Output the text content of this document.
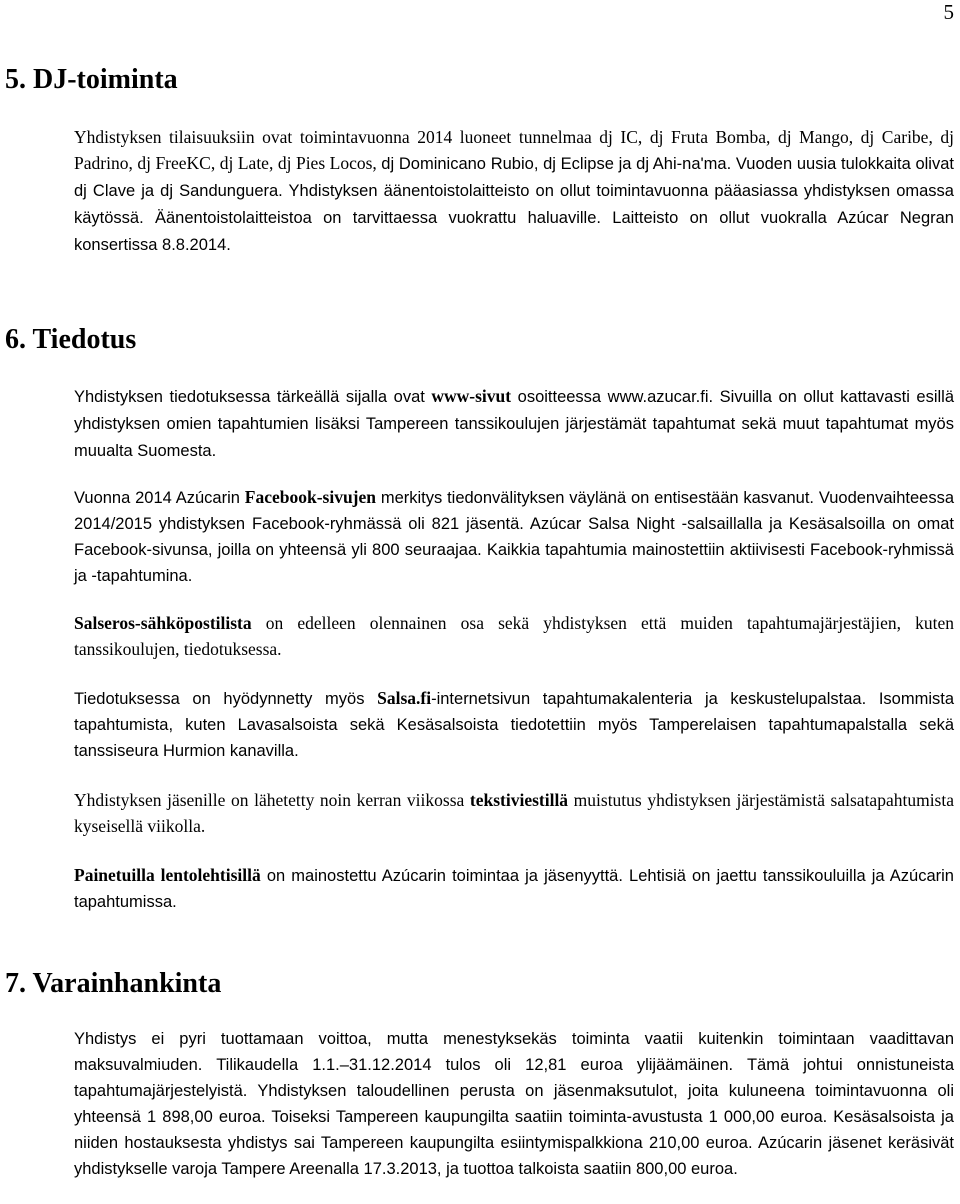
5
5. DJ-toiminta

Yhdistyksen tilaisuuksiin ovat toimintavuonna 2014 luoneet tunnelmaa dj IC, dj Fruta Bomba, dj Mango, dj Caribe, dj Padrino, dj FreeKC, dj Late, dj Pies Locos, dj Dominicano Rubio, dj Eclipse ja dj Ahi-na'ma. Vuoden uusia tulokkaita olivat dj Clave ja dj Sandunguera. Yhdistyksen äänentoistolaitteisto on ollut toimintavuonna pääasiassa yhdistyksen omassa käytössä. Äänentoistolaitteistoa on tarvittaessa vuokrattu haluaville. Laitteisto on ollut vuokralla Azúcar Negran konsertissa 8.8.2014.

6. Tiedotus

Yhdistyksen tiedotuksessa tärkeällä sijalla ovat www-sivut osoitteessa www.azucar.fi. Sivuilla on ollut kattavasti esillä yhdistyksen omien tapahtumien lisäksi Tampereen tanssikoulujen järjestämät tapahtumat sekä muut tapahtumat myös muualta Suomesta.

Vuonna 2014 Azúcarin Facebook-sivujen merkitys tiedonvälityksen väylänä on entisestään kasvanut. Vuodenvaihteessa 2014/2015 yhdistyksen Facebook-ryhmässä oli 821 jäsentä. Azúcar Salsa Night -salsaillalla ja Kesäsalsoilla on omat Facebook-sivunsa, joilla on yhteensä yli 800 seuraajaa. Kaikkia tapahtumia mainostettiin aktiivisesti Facebook-ryhmissä ja -tapahtumina.

Salseros-sähköpostilista on edelleen olennainen osa sekä yhdistyksen että muiden tapahtumajärjestäjien, kuten tanssikoulujen, tiedotuksessa.

Tiedotuksessa on hyödynnetty myös Salsa.fi-internetsivun tapahtumakalenteria ja keskustelupalstaa. Isommista tapahtumista, kuten Lavasalsoista sekä Kesäsalsoista tiedotettiin myös Tamperelaisen tapahtumapalstalla sekä tanssiseura Hurmion kanavilla.

Yhdistyksen jäsenille on lähetetty noin kerran viikossa tekstiviestillä muistutus yhdistyksen järjestämistä salsatapahtumista kyseisellä viikolla.

Painetuilla lentolehtisillä on mainostettu Azúcarin toimintaa ja jäsenyyttä. Lehtisiä on jaettu tanssikouluilla ja Azúcarin tapahtumissa.

7. Varainhankinta

Yhdistys ei pyri tuottamaan voittoa, mutta menestyksekäs toiminta vaatii kuitenkin toimintaan vaadittavan maksuvalmiuden. Tilikaudella 1.1.–31.12.2014 tulos oli 12,81 euroa ylijäämäinen. Tämä johtui onnistuneista tapahtumajärjestelyistä. Yhdistyksen taloudellinen perusta on jäsenmaksutulot, joita kuluneena toimintavuonna oli yhteensä 1 898,00 euroa. Toiseksi Tampereen kaupungilta saatiin toiminta-avustusta 1 000,00 euroa. Kesäsalsoista ja niiden hostauksesta yhdistys sai Tampereen kaupungilta esiintymispalkkiona 210,00 euroa. Azúcarin jäsenet keräsivät yhdistykselle varoja Tampere Areenalla 17.3.2013, ja tuottoa talkoista saatiin 800,00 euroa.
